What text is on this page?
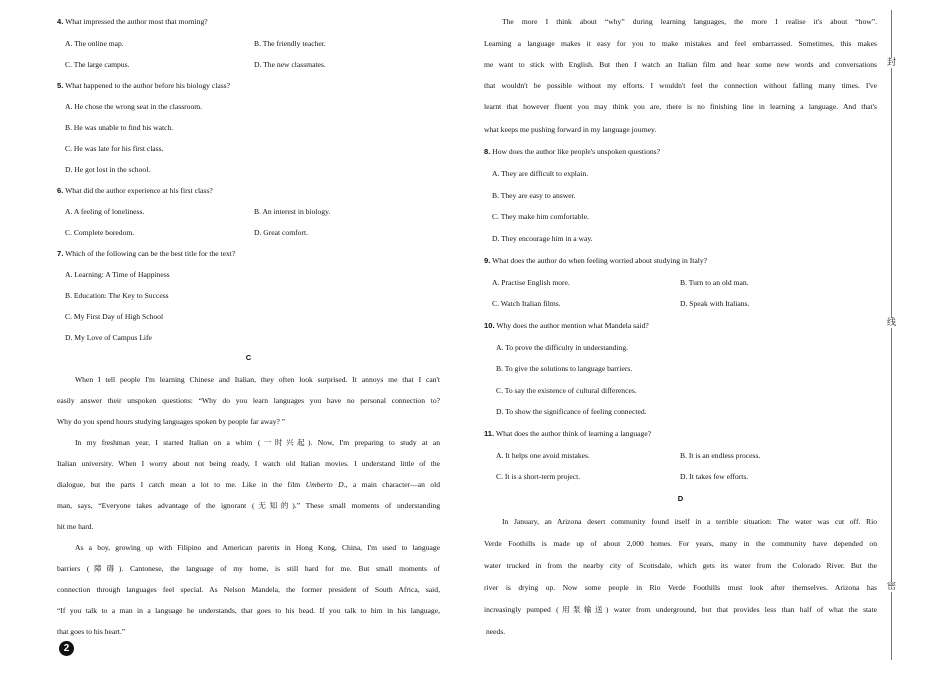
4. What impressed the author most that morning?
A. The online map.	B. The friendly teacher.
C. The large campus.	D. The new classmates.
5. What happened to the author before his biology class?
A. He chose the wrong seat in the classroom.
B. He was unable to find his watch.
C. He was late for his first class.
D. He got lost in the school.
6. What did the author experience at his first class?
A. A feeling of loneliness.	B. An interest in biology.
C. Complete boredom.	D. Great comfort.
7. Which of the following can be the best title for the text?
A. Learning: A Time of Happiness
B. Education: The Key to Success
C. My First Day of High School
D. My Love of Campus Life
C
When I tell people I'm learning Chinese and Italian, they often look surprised. It annoys me that I can't
easily answer their unspoken questions: “Why do you learn languages you have no personal connection to?
Why do you spend hours studying languages spoken by people far away? ”
In my freshman year, I started Italian on a whim (一时兴起). Now, I'm preparing to study at an
Italian university. When I worry about not being ready, I watch old Italian movies. I understand little of the
dialogue, but the parts I catch mean a lot to me. Like in the film Umberto D., a main character—an old
man, says, “Everyone takes advantage of the ignorant (无知的).” These small moments of understanding
hit me hard.
As a boy, growing up with Filipino and American parents in Hong Kong, China, I'm used to language
barriers (障碍). Cantonese, the language of my home, is still hard for me. But small moments of
connection through languages feel special. As Nelson Mandela, the former president of South Africa, said,
“If you talk to a man in a language he understands, that goes to his head. If you talk to him in his language,
that goes to his heart.”
2
The more I think about “why” during learning languages, the more I realise it's about “how”.
Learning a language makes it easy for you to make mistakes and feel embarrassed. Sometimes, this makes
me want to stick with English. But then I watch an Italian film and hear some new words and conversations
that wouldn't be possible without my efforts. I wouldn't feel the connection without falling many times. I've
learnt that however fluent you may think you are, there is no finishing line in learning a language. And that's
what keeps me pushing forward in my language journey.
8. How does the author like people's unspoken questions?
A. They are difficult to explain.
B. They are easy to answer.
C. They make him comfortable.
D. They encourage him in a way.
9. What does the author do when feeling worried about studying in Italy?
A. Practise English more.	B. Turn to an old man.
C. Watch Italian films.	D. Speak with Italians.
10. Why does the author mention what Mandela said?
A. To prove the difficulty in understanding.
B. To give the solutions to language barriers.
C. To say the existence of cultural differences.
D. To show the significance of feeling connected.
11. What does the author think of learning a language?
A. It helps one avoid mistakes.	B. It is an endless process.
C. It is a short-term project.	D. It takes few efforts.
D
In January, an Arizona desert community found itself in a terrible situation: The water was cut off. Rio
Verde Foothills is made up of about 2,000 homes. For years, many in the community have depended on
water trucked in from the nearby city of Scottsdale, which gets its water from the Colorado River. But the
river is drying up. Now some people in Rio Verde Foothills must look after themselves. Arizona has
increasingly pumped (用泵输送) water from underground, but that provides less than half of what the state
needs.
封
线
密
